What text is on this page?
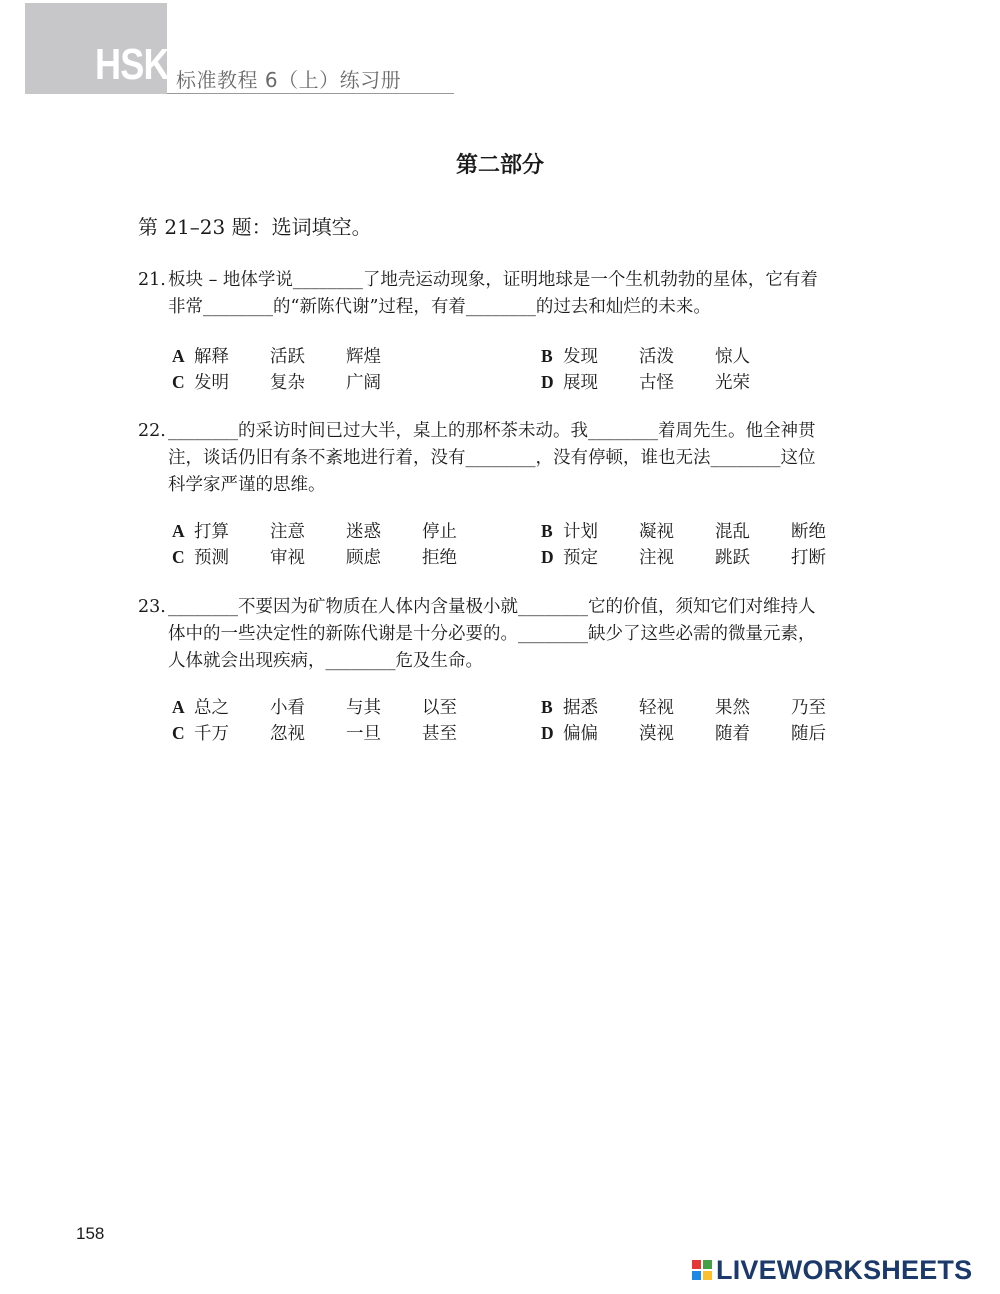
HSK 标准教程 6（上）练习册
第二部分
第 21–23 题：选词填空。
21. 板块 – 地体学说________了地壳运动现象，证明地球是一个生机勃勃的星体，它有着
非常________的“新陈代谢”过程，有着________的过去和灿烂的未来。
A 解释	活跃	辉煌	B 发现	活泼	惊人
C 发明	复杂	广阔	D 展现	古怪	光荣
22. ________的采访时间已过大半，桌上的那杯茶未动。我________着周先生。他全神贯
注，谈话仍旧有条不紊地进行着，没有________，没有停顿，谁也无法________这位
科学家严谨的思维。
A 打算	注意	迷惑	停止	B 计划	凝视	混乱	断绝
C 预测	审视	顾虑	拒绝	D 预定	注视	跳跃	打断
23. ________不要因为矿物质在人体内含量极小就________它的价值，须知它们对维持人
体中的一些决定性的新陈代谢是十分必要的。________缺少了这些必需的微量元素，
人体就会出现疾病，________危及生命。
A 总之	小看	与其	以至	B 据悉	轻视	果然	乃至
C 千万	忽视	一旦	甚至	D 偏偏	漠视	随着	随后
158
LIVEWORKSHEETS
